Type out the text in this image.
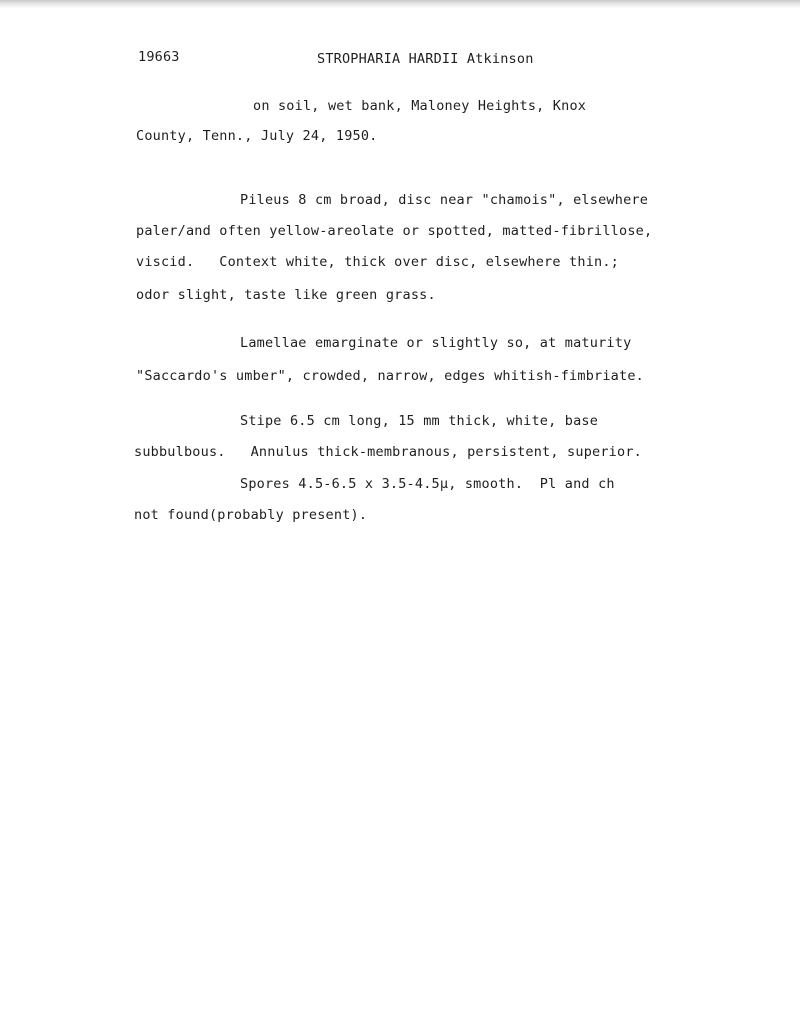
19663	STROPHARIA HARDII Atkinson
on soil, wet bank, Maloney Heights, Knox
County, Tenn., July 24, 1950.
Pileus 8 cm broad, disc near "chamois", elsewhere
paler/and often yellow-areolate or spotted, matted-fibrillose,
viscid.   Context white, thick over disc, elsewhere thin.;
odor slight, taste like green grass.
Lamellae emarginate or slightly so, at maturity
"Saccardo's umber", crowded, narrow, edges whitish-fimbriate.
Stipe 6.5 cm long, 15 mm thick, white, base
subbulbous.   Annulus thick-membranous, persistent, superior.
Spores 4.5-6.5 x 3.5-4.5µ, smooth.  Pl and ch
not found(probably present).
